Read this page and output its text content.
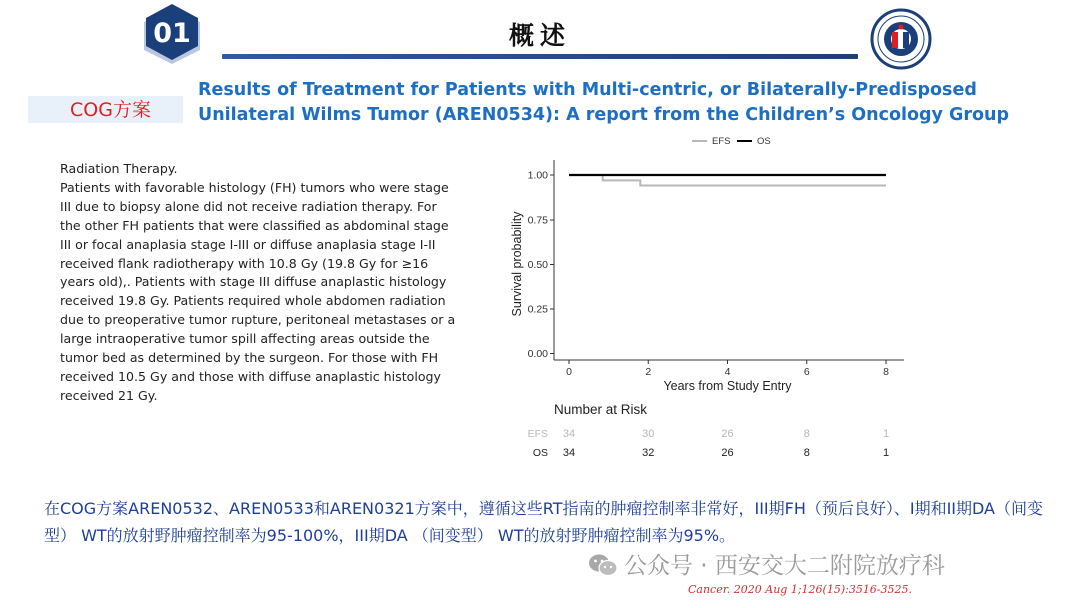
01	概述
COG方案
Results of Treatment for Patients with Multi-centric, or Bilaterally-Predisposed Unilateral Wilms Tumor (AREN0534): A report from the Children’s Oncology Group

Radiation Therapy.

Patients with favorable histology (FH) tumors who were stage III due to biopsy alone did not receive radiation therapy. For the other FH patients that were classified as abdominal stage III or focal anaplasia stage I-III or diffuse anaplasia stage I-II received flank radiotherapy with 10.8 Gy (19.8 Gy for ≥16 years old),. Patients with stage III diffuse anaplastic histology received 19.8 Gy. Patients required whole abdomen radiation due to preoperative tumor rupture, peritoneal metastases or a large intraoperative tumor spill affecting areas outside the tumor bed as determined by the surgeon. For those with FH received 10.5 Gy and those with diffuse anaplastic histology received 21 Gy.

EFS	OS
0.00
0.25
0.50
0.75
1.00
0	2	4	6	8
Years from Study Entry
Survival probability
Number at Risk
EFS 34	30	26	8	1
OS 34	32	26	8	1
在COG方案AREN0532、AREN0533和AREN0321方案中，遵循这些RT指南的肿瘤控制率非常好，III期FH（预后良好）、I期和II期DA（间变型） WT的放射野肿瘤控制率为95-100%，III期DA （间变型） WT的放射野肿瘤控制率为95%。
公众号 · 西安交大二附院放疗科
Cancer. 2020 Aug 1;126(15):3516-3525.
